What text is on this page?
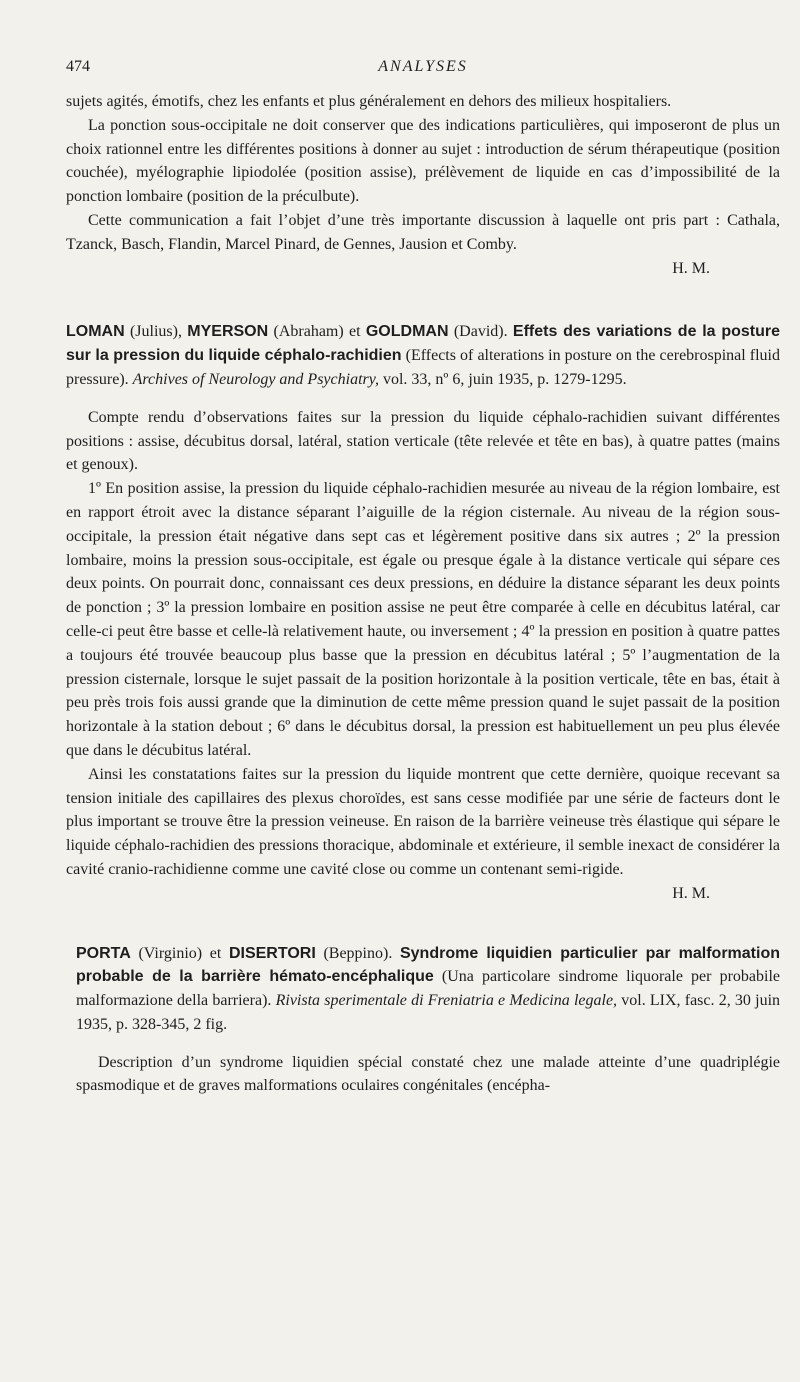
474	ANALYSES

sujets agités, émotifs, chez les enfants et plus généralement en dehors des milieux hospitaliers.

La ponction sous-occipitale ne doit conserver que des indications particulières, qui imposeront de plus un choix rationnel entre les différentes positions à donner au sujet : introduction de sérum thérapeutique (position couchée), myélographie lipiodolée (position assise), prélèvement de liquide en cas d’impossibilité de la ponction lombaire (position de la préculbute).

Cette communication a fait l’objet d’une très importante discussion à laquelle ont pris part : Cathala, Tzanck, Basch, Flandin, Marcel Pinard, de Gennes, Jausion et Comby.

H. M.

LOMAN (Julius), MYERSON (Abraham) et GOLDMAN (David). Effets des variations de la posture sur la pression du liquide céphalo-rachidien (Effects of alterations in posture on the cerebrospinal fluid pressure). Archives of Neurology and Psychiatry, vol. 33, nº 6, juin 1935, p. 1279-1295.

Compte rendu d’observations faites sur la pression du liquide céphalo-rachidien suivant différentes positions : assise, décubitus dorsal, latéral, station verticale (tête relevée et tête en bas), à quatre pattes (mains et genoux).

1º En position assise, la pression du liquide céphalo-rachidien mesurée au niveau de la région lombaire, est en rapport étroit avec la distance séparant l’aiguille de la région cisternale. Au niveau de la région sous-occipitale, la pression était négative dans sept cas et légèrement positive dans six autres ; 2º la pression lombaire, moins la pression sous-occipitale, est égale ou presque égale à la distance verticale qui sépare ces deux points. On pourrait donc, connaissant ces deux pressions, en déduire la distance séparant les deux points de ponction ; 3º la pression lombaire en position assise ne peut être comparée à celle en décubitus latéral, car celle-ci peut être basse et celle-là relativement haute, ou inversement ; 4º la pression en position à quatre pattes a toujours été trouvée beaucoup plus basse que la pression en décubitus latéral ; 5º l’augmentation de la pression cisternale, lorsque le sujet passait de la position horizontale à la position verticale, tête en bas, était à peu près trois fois aussi grande que la diminution de cette même pression quand le sujet passait de la position horizontale à la station debout ; 6º dans le décubitus dorsal, la pression est habituellement un peu plus élevée que dans le décubitus latéral.

Ainsi les constatations faites sur la pression du liquide montrent que cette dernière, quoique recevant sa tension initiale des capillaires des plexus choroïdes, est sans cesse modifiée par une série de facteurs dont le plus important se trouve être la pression veineuse. En raison de la barrière veineuse très élastique qui sépare le liquide céphalo-rachidien des pressions thoracique, abdominale et extérieure, il semble inexact de considérer la cavité cranio-rachidienne comme une cavité close ou comme un contenant semi-rigide.

H. M.

PORTA (Virginio) et DISERTORI (Beppino). Syndrome liquidien particulier par malformation probable de la barrière hémato-encéphalique (Una particolare sindrome liquorale per probabile malformazione della barriera). Rivista sperimentale di Freniatria e Medicina legale, vol. LIX, fasc. 2, 30 juin 1935, p. 328-345, 2 fig.

Description d’un syndrome liquidien spécial constaté chez une malade atteinte d’une quadriplégie spasmodique et de graves malformations oculaires congénitales (encépha-
